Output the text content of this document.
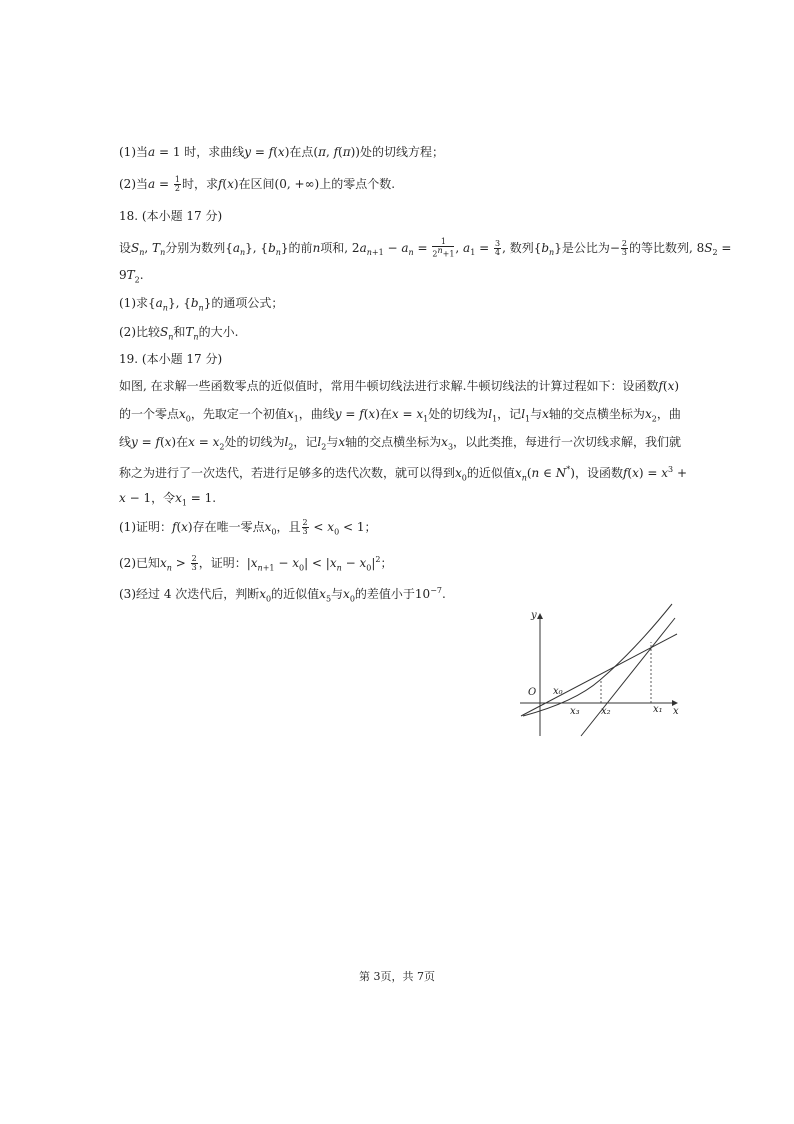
(1)当a = 1 时，求曲线y = f(x)在点(π, f(π))处的切线方程；
(2)当$a = \frac{1}{2}$ 时，求f(x)在区间(0, +∞)上的零点个数.
18. (本小题 17 分)
设$S_n$, $T_n$分别为数列$\{a_n\}$, $\{b_n\}$的前n项和, $2a_{n+1} - a_n = \frac{1}{2^n+1}$ , $a_1 = \frac{3}{4}$ , 数列$\{b_n\}$是公比为− $\frac{2}{3}$ 的等比数列, $8S_2$ =
$9T_2$.
(1)求$\{a_n\}$, $\{b_n\}$的通项公式；
(2)比较$S_n$和$T_n$的大小.
19. (本小题 17 分)
如图, 在求解一些函数零点的近似值时，常用牛顿切线法进行求解.牛顿切线法的计算过程如下：设函数f(x)
的一个零点$x_0$，先取定一个初值$x_1$，曲线y = f(x)在$x = x_1$处的切线为$l_1$，记$l_1$与x轴的交点横坐标为$x_2$，曲
线y = f(x)在$x = x_2$处的切线为$l_2$，记$l_2$与x轴的交点横坐标为$x_3$，以此类推，每进行一次切线求解，我们就
称之为进行了一次迭代，若进行足够多的迭代次数，就可以得到$x_0$的近似值$x_n(n$ ∈ N*)，设函数$f(x) = x^3$ +
x − 1，令$x_1 = 1$.
(1)证明：f(x)存在唯一零点$x_0$，且 $\frac{2}{3} < x_0 < 1$；
(2)已知$x_n > \frac{2}{3}$ ，证明：$|x_{n+1} - x_0| < |x_n - x_0|^2$；
(3)经过 4 次迭代后，判断$x_0$的近似值$x_5$与$x_0$的差值小于$10^{-7}$.
y
x
O x₀
x₃ x₂	x₁
第 3页，共 7页
